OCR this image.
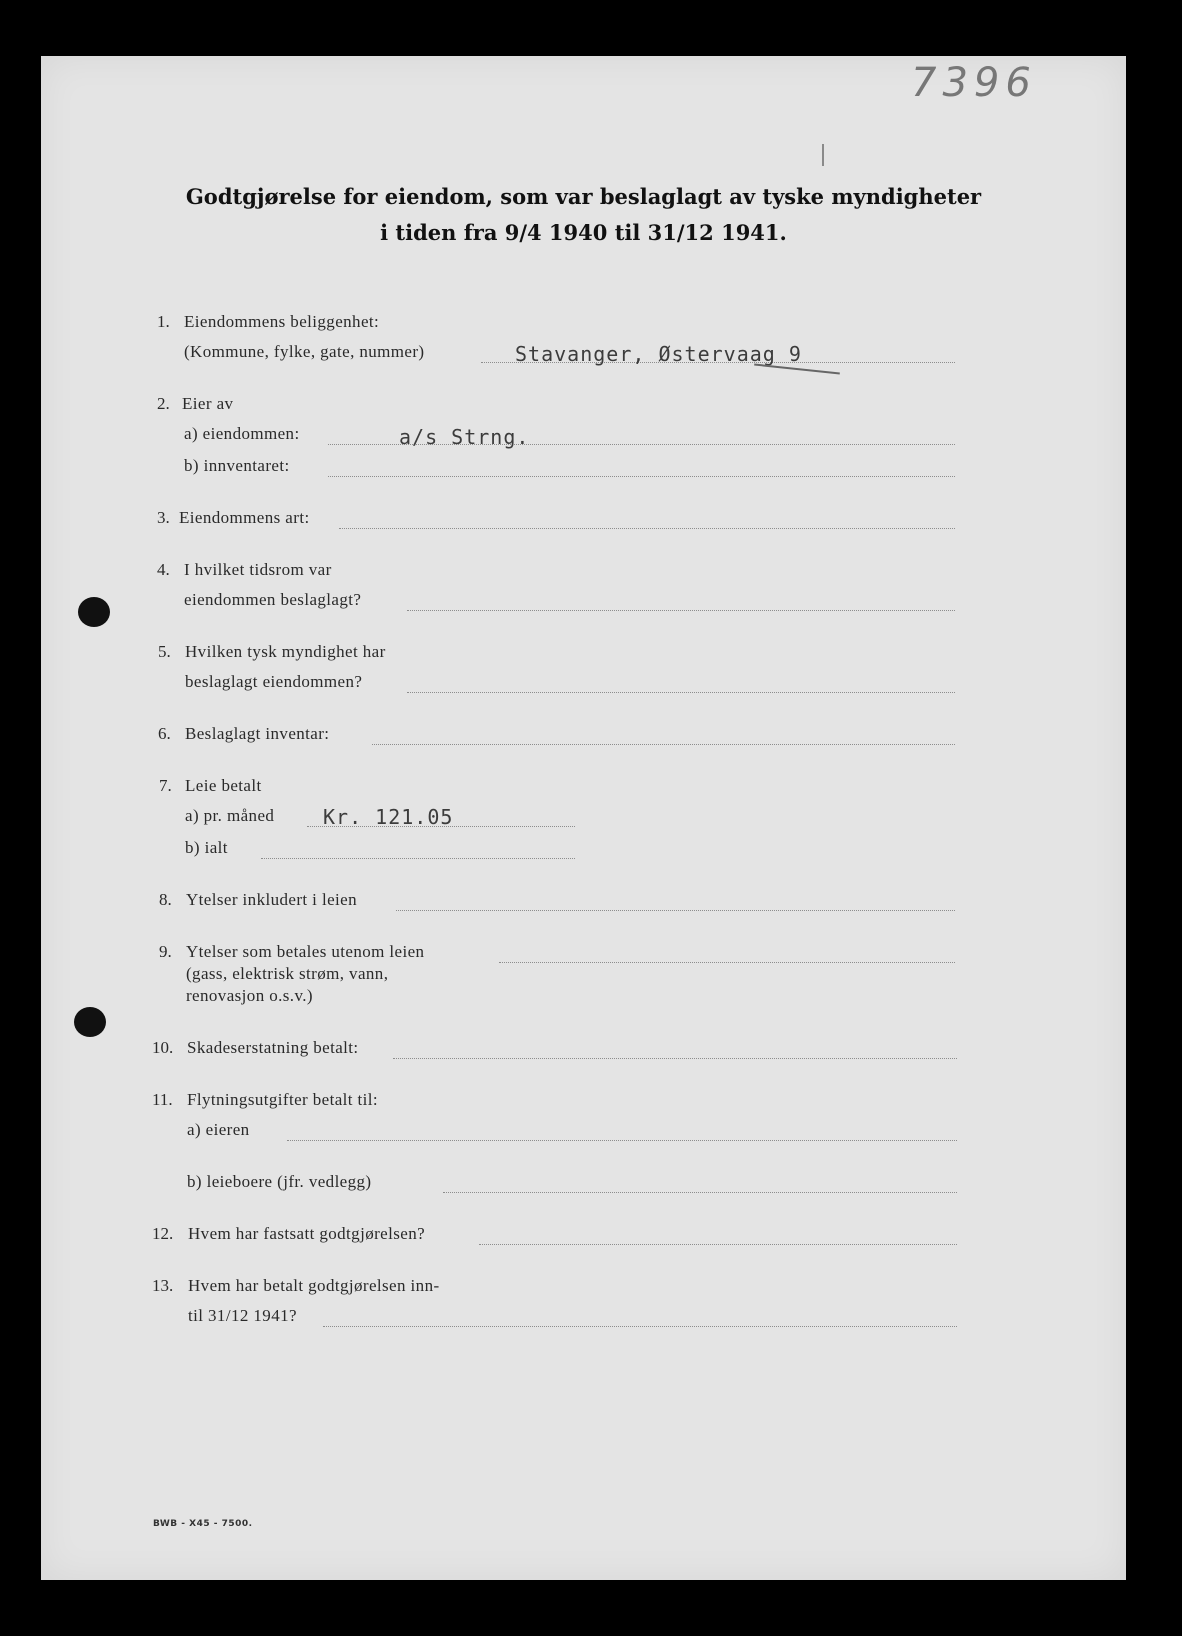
7396
Godtgjørelse for eiendom, som var beslaglagt av tyske myndigheter
i tiden fra 9/4 1940 til 31/12 1941.
1. Eiendommens beliggenhet:
(Kommune, fylke, gate, nummer)	Stavanger, Østervaag 9
2. Eier av
a) eiendommen:	a/s Strng.
b) innventaret:
3. Eiendommens art:
4. I hvilket tidsrom var
eiendommen beslaglagt?
5. Hvilken tysk myndighet har
beslaglagt eiendommen?
6. Beslaglagt inventar:
7. Leie betalt
a) pr. måned Kr. 121.05
b) ialt
8. Ytelser inkludert i leien
9. Ytelser som betales utenom leien
(gass, elektrisk strøm, vann,
renovasjon o.s.v.)
10. Skadeserstatning betalt:
11. Flytningsutgifter betalt til:
a) eieren
b) leieboere (jfr. vedlegg)
12. Hvem har fastsatt godtgjørelsen?
13. Hvem har betalt godtgjørelsen inn-
til 31/12 1941?
BWB - X45 - 7500.
